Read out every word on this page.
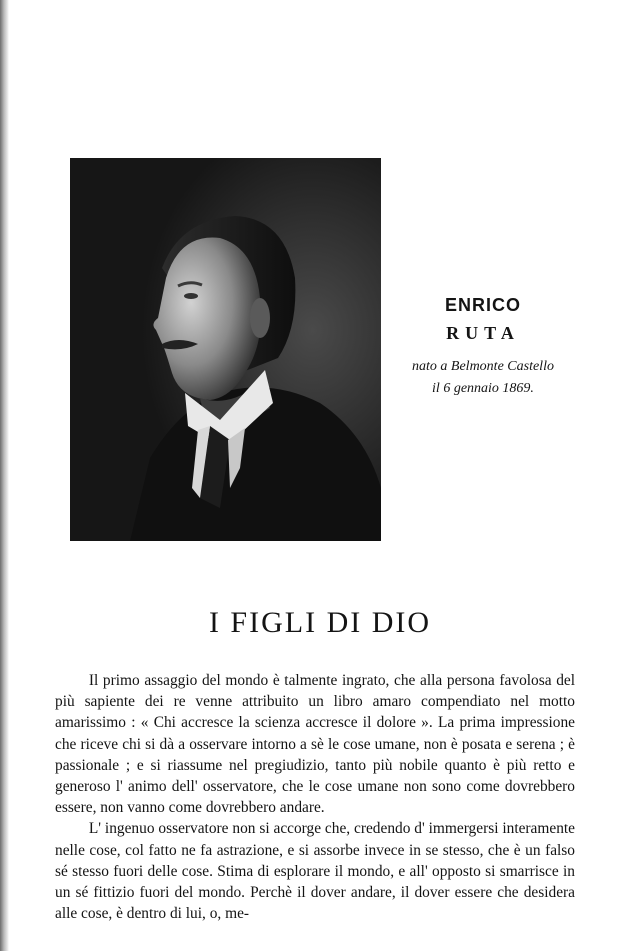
ENRICO
RUTA
nato a Belmonte Castello
il 6 gennaio 1869.
I FIGLI DI DIO

Il primo assaggio del mondo è talmente ingrato, che alla persona favolosa del più sapiente dei re venne attribuito un libro amaro compendiato nel motto amarissimo : « Chi accresce la scienza accresce il dolore ». La prima impressione che riceve chi si dà a osservare intorno a sè le cose umane, non è posata e serena ; è passionale ; e si riassume nel pregiudizio, tanto più nobile quanto è più retto e generoso l' animo dell' osservatore, che le cose umane non sono come dovrebbero essere, non vanno come dovrebbero andare.

L' ingenuo osservatore non si accorge che, credendo d' immergersi interamente nelle cose, col fatto ne fa astrazione, e si assorbe invece in se stesso, che è un falso sé stesso fuori delle cose. Stima di esplorare il mondo, e all' opposto si smarrisce in un sé fittizio fuori del mondo. Perchè il dover andare, il dover essere che desidera alle cose, è dentro di lui, o, me-
